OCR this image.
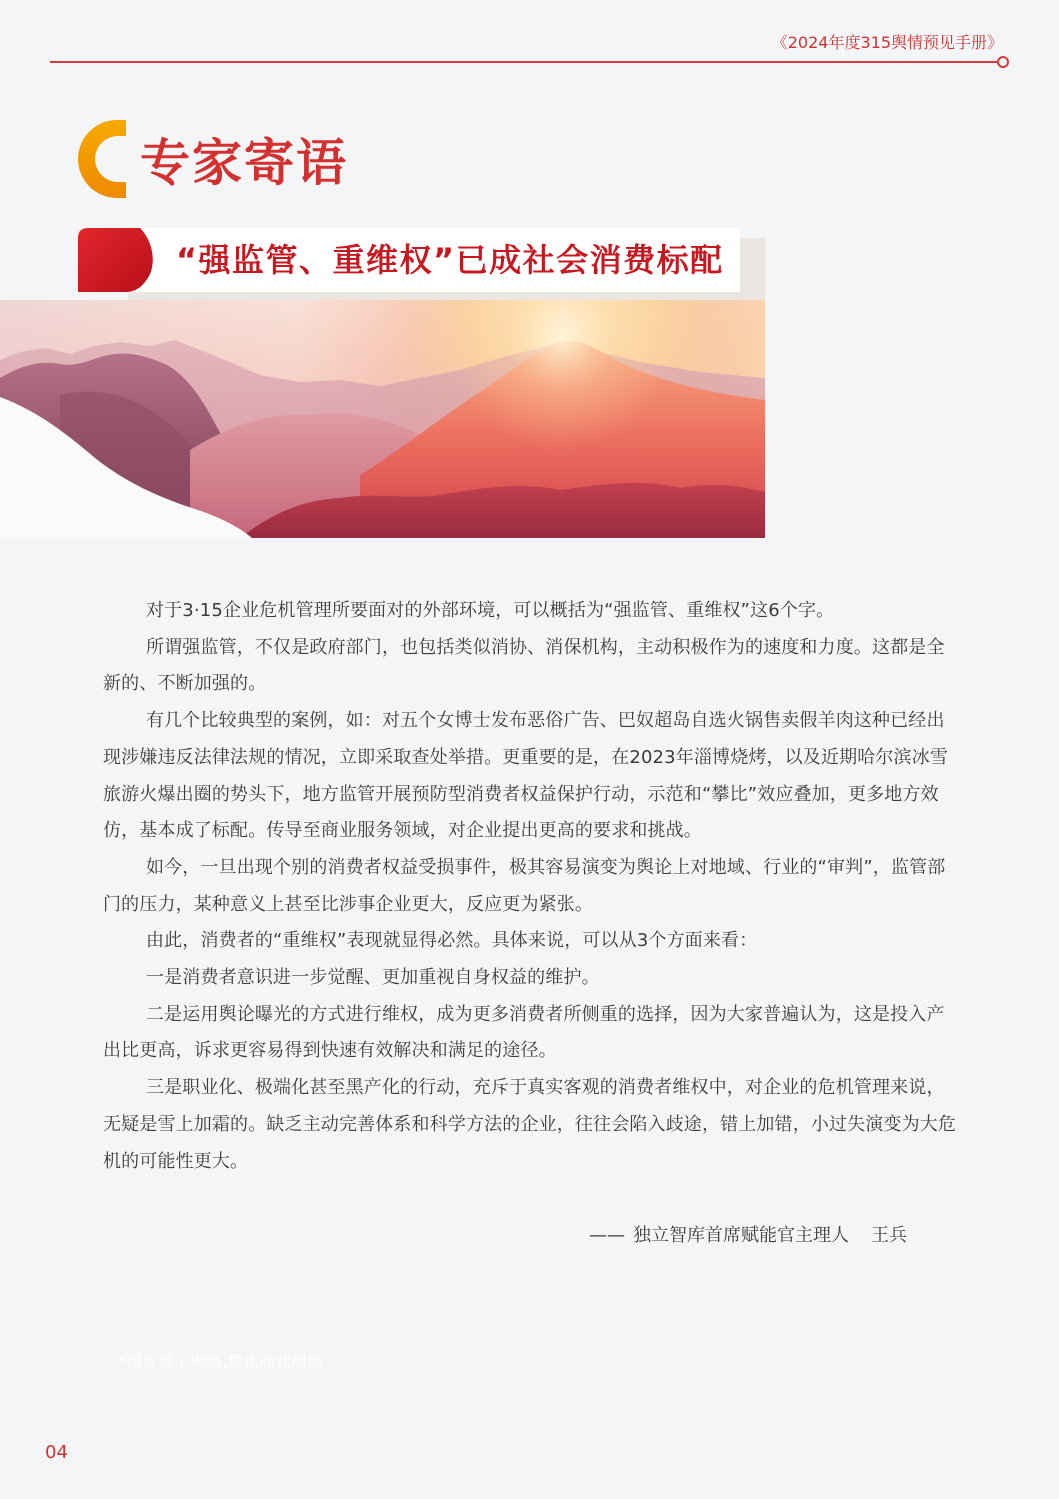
《2024年度315舆情预见手册》
专家寄语
“强监管、重维权”已成社会消费标配

对于3·15企业危机管理所要面对的外部环境，可以概括为“强监管、重维权”这6个字。

所谓强监管，不仅是政府部门，也包括类似消协、消保机构，主动积极作为的速度和力度。这都是全新的、不断加强的。

有几个比较典型的案例，如：对五个女博士发布恶俗广告、巴奴超岛自选火锅售卖假羊肉这种已经出现涉嫌违反法律法规的情况，立即采取查处举措。更重要的是，在2023年淄博烧烤，以及近期哈尔滨冰雪旅游火爆出圈的势头下，地方监管开展预防型消费者权益保护行动，示范和“攀比”效应叠加，更多地方效仿，基本成了标配。传导至商业服务领域，对企业提出更高的要求和挑战。

如今，一旦出现个别的消费者权益受损事件，极其容易演变为舆论上对地域、行业的“审判”，监管部门的压力，某种意义上甚至比涉事企业更大，反应更为紧张。

由此，消费者的“重维权”表现就显得必然。具体来说，可以从3个方面来看：

一是消费者意识进一步觉醒、更加重视自身权益的维护。

二是运用舆论曝光的方式进行维权，成为更多消费者所侧重的选择，因为大家普遍认为，这是投入产出比更高，诉求更容易得到快速有效解决和满足的途径。

三是职业化、极端化甚至黑产化的行动，充斥于真实客观的消费者维权中，对企业的危机管理来说，无疑是雪上加霜的。缺乏主动完善体系和科学方法的企业，往往会陷入歧途，错上加错，小过失演变为大危机的可能性更大。

—— 独立智库首席赋能官主理人 王兵
*图片源于网络,禁止商业用途
04
